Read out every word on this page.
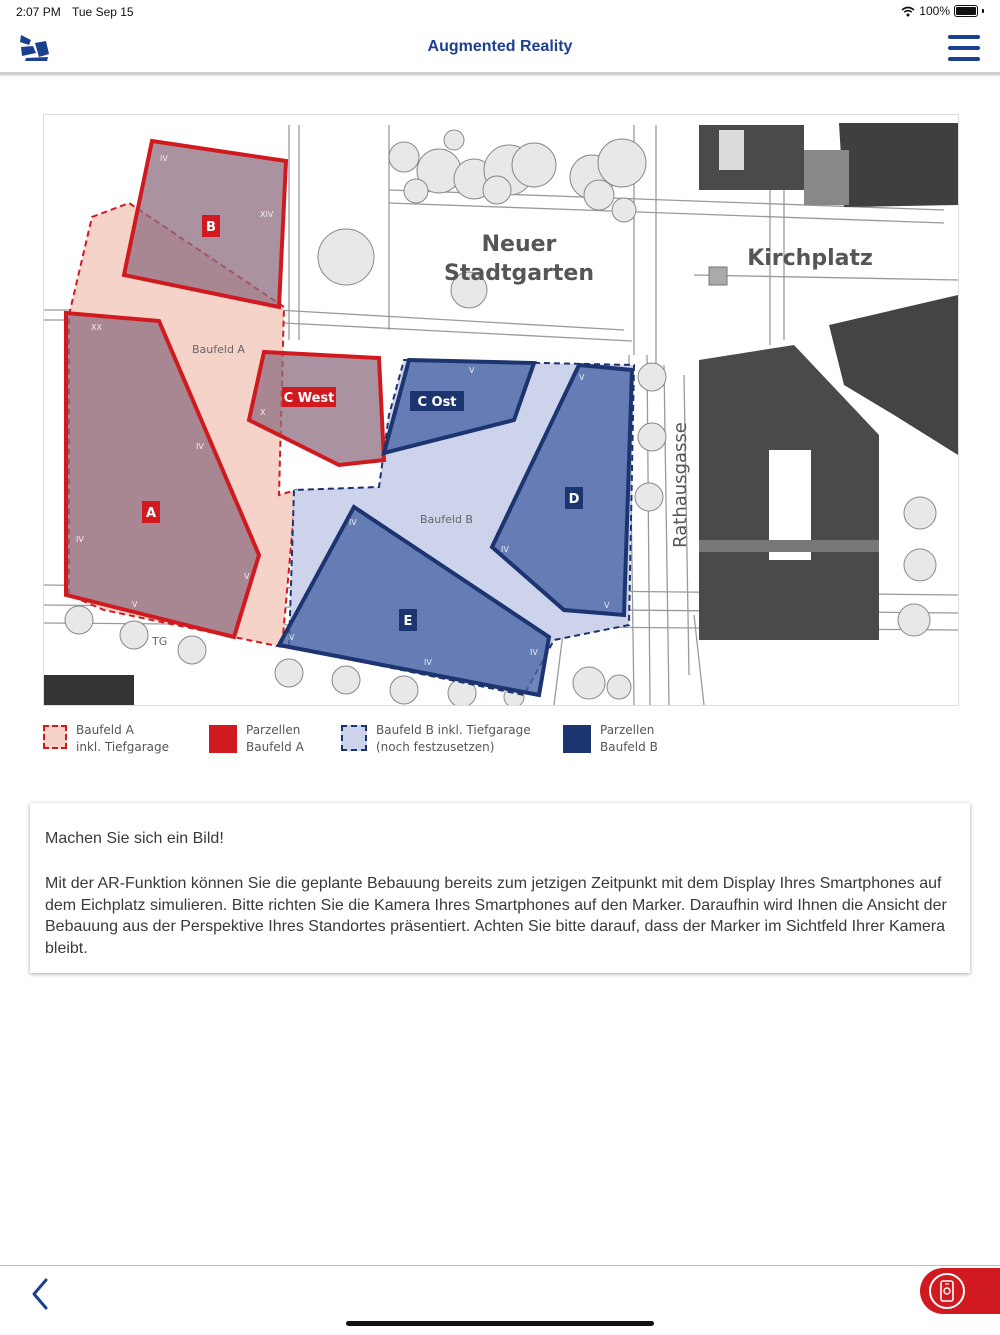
2:07 PM Tue Sep 15	100%
Augmented Reality
B
A
C West	C Ost
D
E
IV
XIV
XX
IV
IV
V
V
X
V
V
IV
V
IV
V
IV
IV
Baufeld A
Baufeld B
TG
Neuer
Stadtgarten
Kirchplatz
Rathausgasse
Baufeld A
inkl. Tiefgarage
Parzellen
Baufeld A
Baufeld B inkl. Tiefgarage
(noch festzusetzen)
Parzellen
Baufeld B
Machen Sie sich ein Bild!
Mit der AR-Funktion können Sie die geplante Bebauung bereits zum jetzigen Zeitpunkt mit dem Display Ihres Smartphones auf dem Eichplatz simulieren. Bitte richten Sie die Kamera Ihres Smartphones auf den Marker. Daraufhin wird Ihnen die Ansicht der Bebauung aus der Perspektive Ihres Standortes präsentiert. Achten Sie bitte darauf, dass der Marker im Sichtfeld Ihrer Kamera bleibt.
